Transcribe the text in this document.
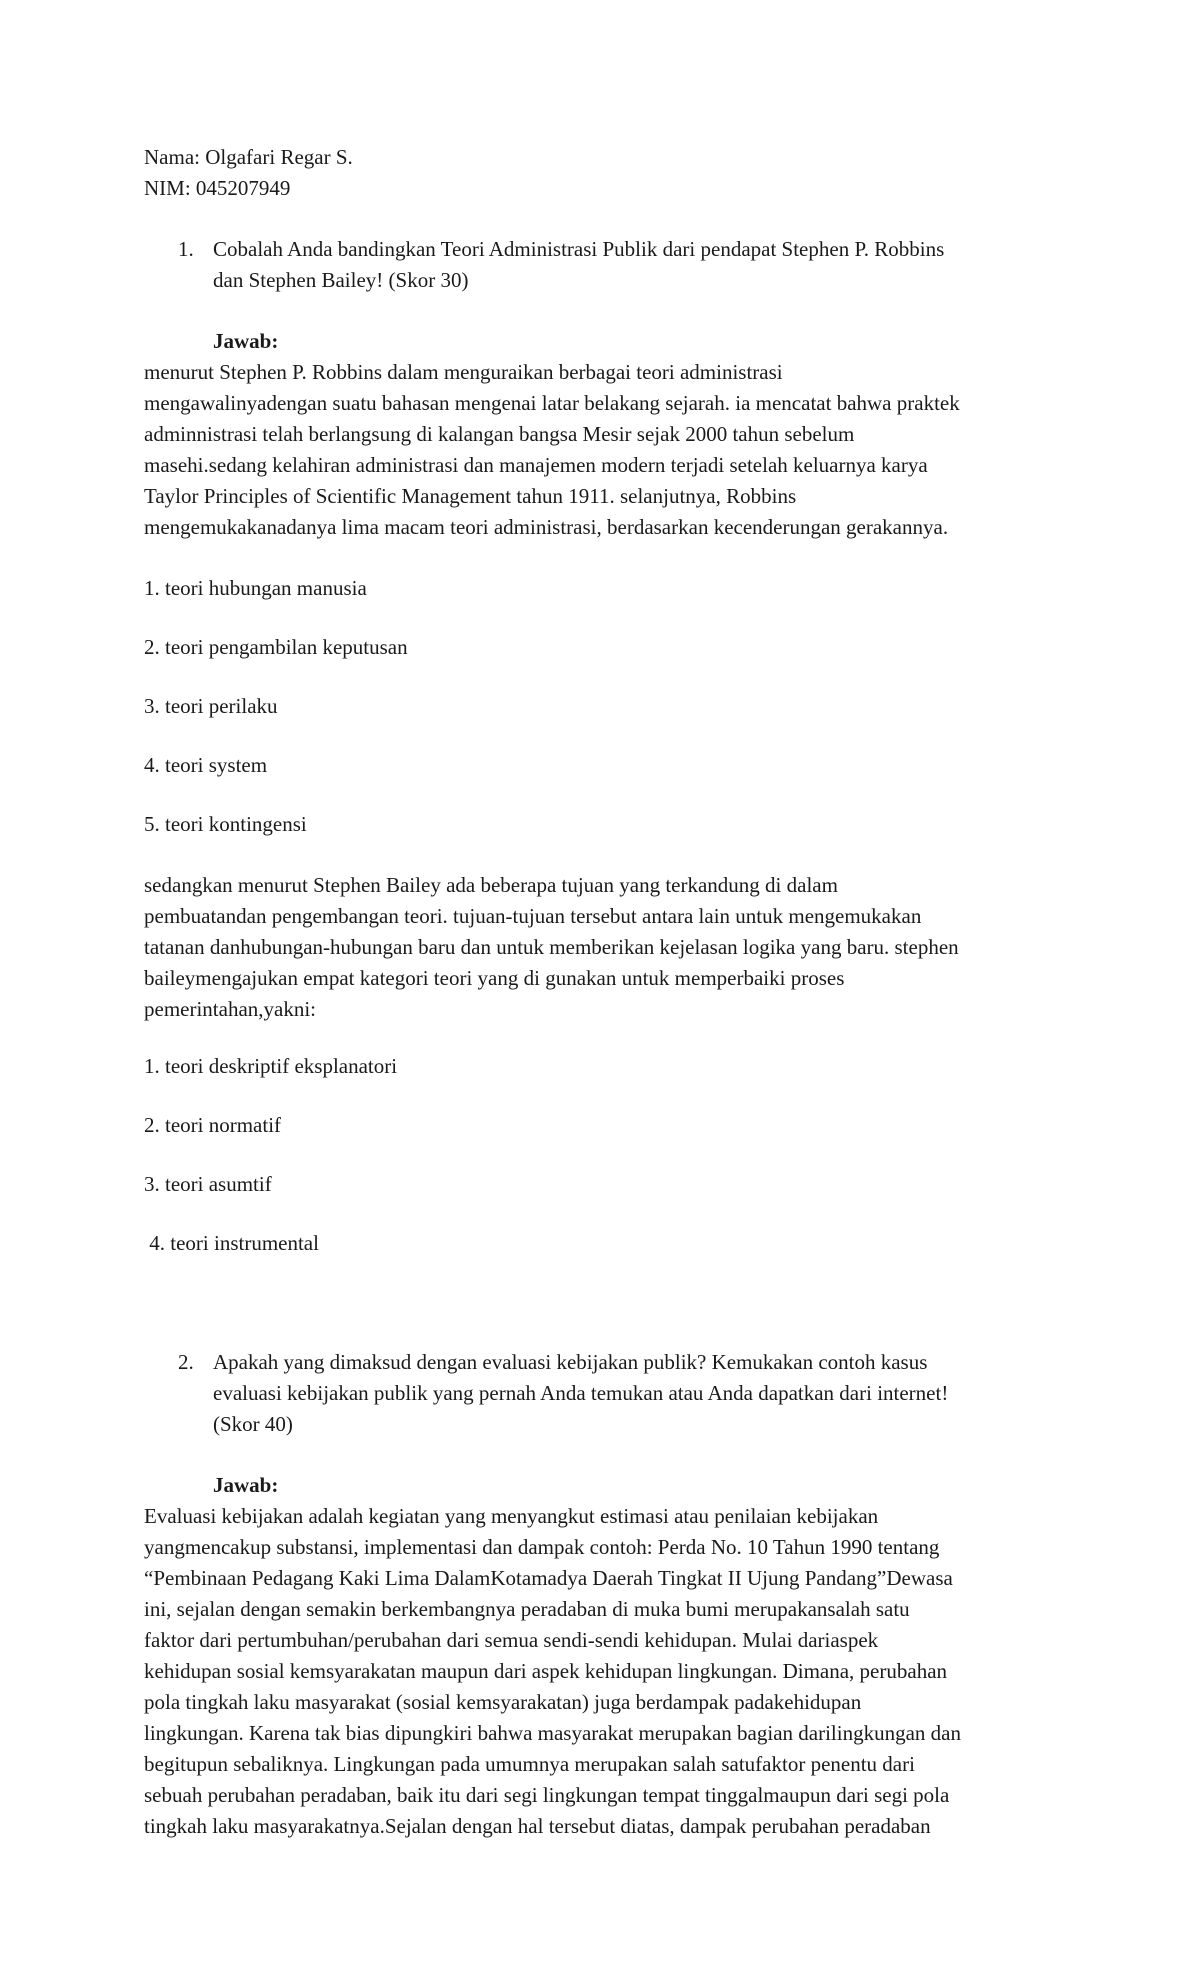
Nama: Olgafari Regar S.
NIM: 045207949
1. Cobalah Anda bandingkan Teori Administrasi Publik dari pendapat Stephen P. Robbins
dan Stephen Bailey! (Skor 30)
Jawab:
menurut Stephen P. Robbins dalam menguraikan berbagai teori administrasi
mengawalinyadengan suatu bahasan mengenai latar belakang sejarah. ia mencatat bahwa praktek
adminnistrasi telah berlangsung di kalangan bangsa Mesir sejak 2000 tahun sebelum
masehi.sedang kelahiran administrasi dan manajemen modern terjadi setelah keluarnya karya
Taylor Principles of Scientific Management tahun 1911. selanjutnya, Robbins
mengemukakanadanya lima macam teori administrasi, berdasarkan kecenderungan gerakannya.
1. teori hubungan manusia
2. teori pengambilan keputusan
3. teori perilaku
4. teori system
5. teori kontingensi
sedangkan menurut Stephen Bailey ada beberapa tujuan yang terkandung di dalam
pembuatandan pengembangan teori. tujuan-tujuan tersebut antara lain untuk mengemukakan
tatanan danhubungan-hubungan baru dan untuk memberikan kejelasan logika yang baru. stephen
baileymengajukan empat kategori teori yang di gunakan untuk memperbaiki proses
pemerintahan,yakni:
1. teori deskriptif eksplanatori
2. teori normatif
3. teori asumtif
4. teori instrumental
2. Apakah yang dimaksud dengan evaluasi kebijakan publik? Kemukakan contoh kasus
evaluasi kebijakan publik yang pernah Anda temukan atau Anda dapatkan dari internet!
(Skor 40)
Jawab:
Evaluasi kebijakan adalah kegiatan yang menyangkut estimasi atau penilaian kebijakan
yangmencakup substansi, implementasi dan dampak contoh: Perda No. 10 Tahun 1990 tentang
“Pembinaan Pedagang Kaki Lima DalamKotamadya Daerah Tingkat II Ujung Pandang”Dewasa
ini, sejalan dengan semakin berkembangnya peradaban di muka bumi merupakansalah satu
faktor dari pertumbuhan/perubahan dari semua sendi-sendi kehidupan. Mulai dariaspek
kehidupan sosial kemsyarakatan maupun dari aspek kehidupan lingkungan. Dimana, perubahan
pola tingkah laku masyarakat (sosial kemsyarakatan) juga berdampak padakehidupan
lingkungan. Karena tak bias dipungkiri bahwa masyarakat merupakan bagian darilingkungan dan
begitupun sebaliknya. Lingkungan pada umumnya merupakan salah satufaktor penentu dari
sebuah perubahan peradaban, baik itu dari segi lingkungan tempat tinggalmaupun dari segi pola
tingkah laku masyarakatnya.Sejalan dengan hal tersebut diatas, dampak perubahan peradaban
